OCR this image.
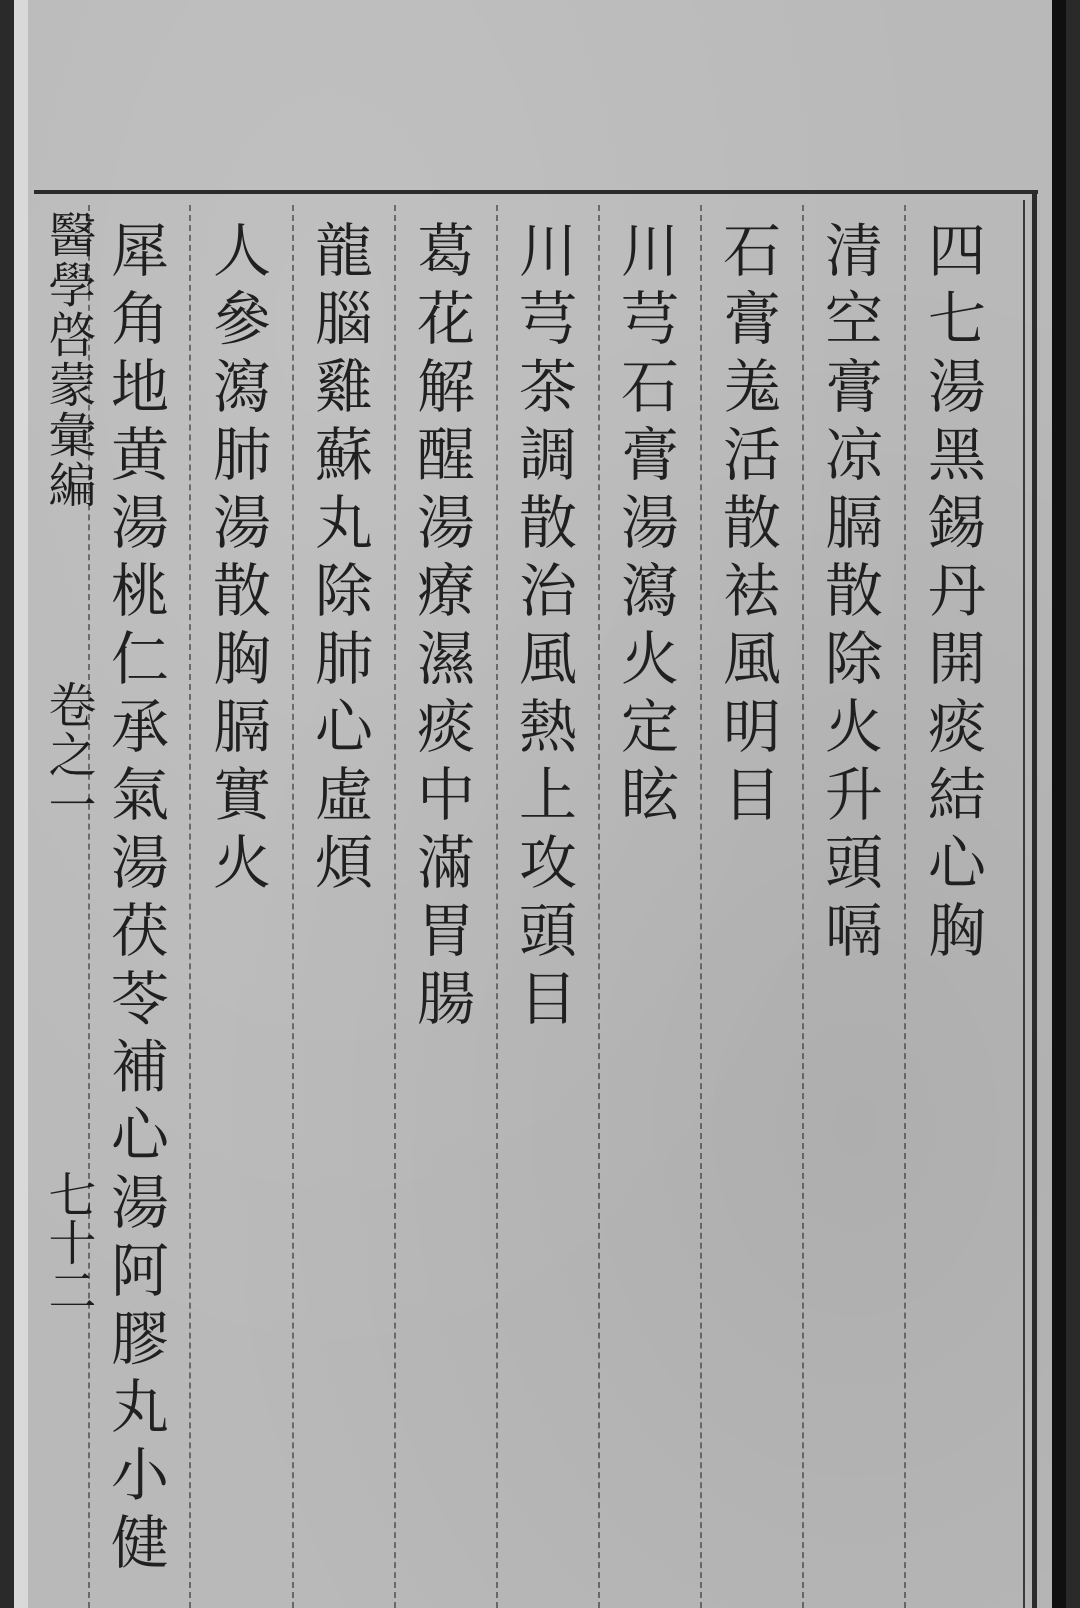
四七湯黑錫丹開痰結心胸
清空膏凉膈散除火升頭嗝
石膏羗活散袪風明目
川芎石膏湯瀉火定眩
川芎茶調散治風熱上攻頭目
葛花解醒湯療濕痰中滿胃腸
龍腦雞蘇丸除肺心虛煩
人參瀉肺湯散胸膈實火
犀角地黄湯桃仁承氣湯茯苓補心湯阿膠丸小健
醫學啓蒙彙編
卷之一
七十二
